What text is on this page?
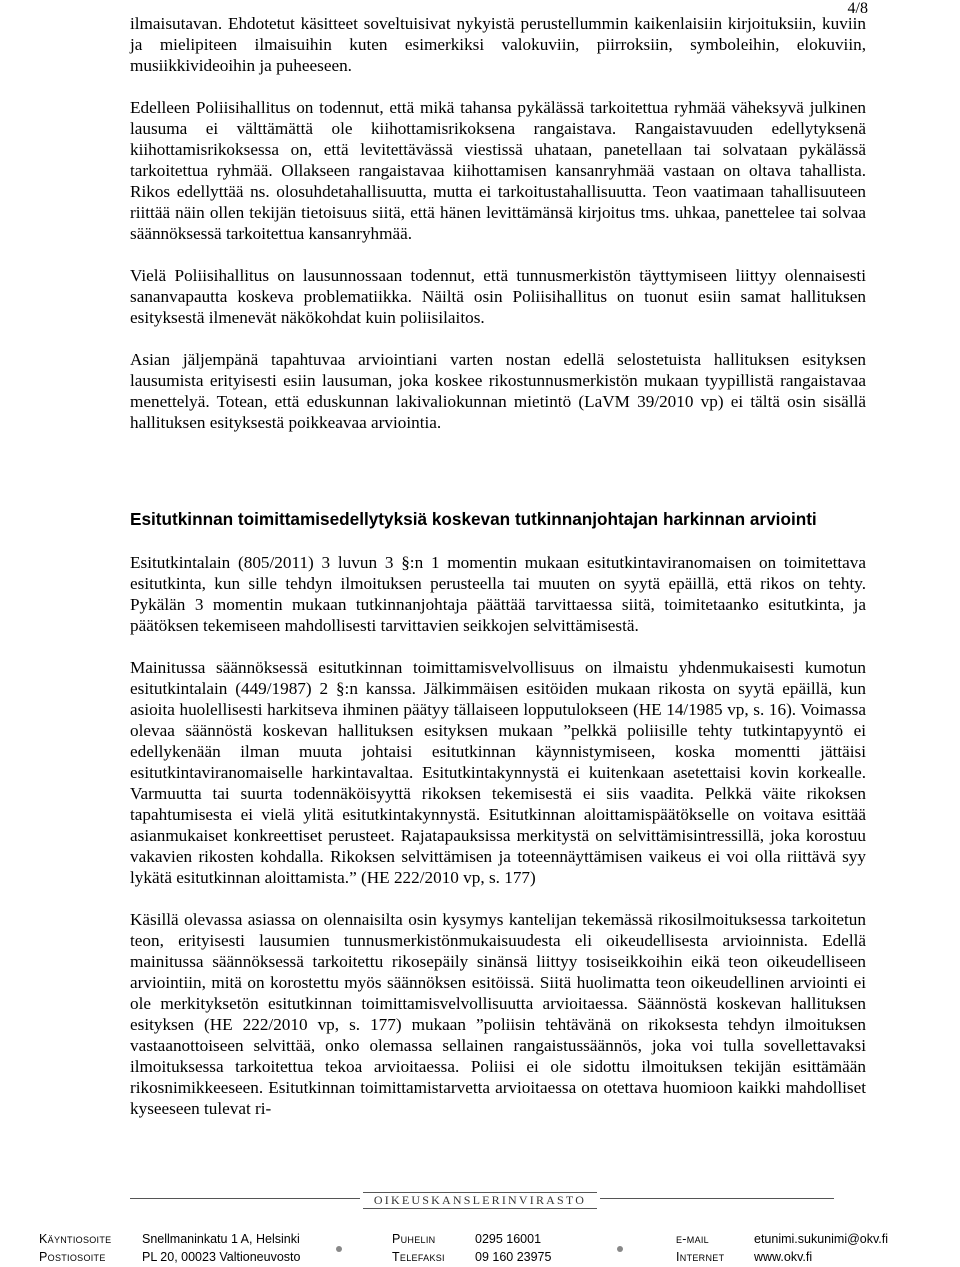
4/8

ilmaisutavan. Ehdotetut käsitteet soveltuisivat nykyistä perustellummin kaikenlaisiin kirjoituksiin, kuviin ja mielipiteen ilmaisuihin kuten esimerkiksi valokuviin, piirroksiin, symboleihin, elokuviin, musiikkivideoihin ja puheeseen.

Edelleen Poliisihallitus on todennut, että mikä tahansa pykälässä tarkoitettua ryhmää väheksyvä julkinen lausuma ei välttämättä ole kiihottamisrikoksena rangaistava. Rangaistavuuden edellytyksenä kiihottamisrikoksessa on, että levitettävässä viestissä uhataan, panetellaan tai solvataan pykälässä tarkoitettua ryhmää. Ollakseen rangaistavaa kiihottamisen kansanryhmää vastaan on oltava tahallista. Rikos edellyttää ns. olosuhdetahallisuutta, mutta ei tarkoitustahallisuutta. Teon vaatimaan tahallisuuteen riittää näin ollen tekijän tietoisuus siitä, että hänen levittämänsä kirjoitus tms. uhkaa, panettelee tai solvaa säännöksessä tarkoitettua kansanryhmää.

Vielä Poliisihallitus on lausunnossaan todennut, että tunnusmerkistön täyttymiseen liittyy olennaisesti sananvapautta koskeva problematiikka. Näiltä osin Poliisihallitus on tuonut esiin samat hallituksen esityksestä ilmenevät näkökohdat kuin poliisilaitos.

Asian jäljempänä tapahtuvaa arviointiani varten nostan edellä selostetuista hallituksen esityksen lausumista erityisesti esiin lausuman, joka koskee rikostunnusmerkistön mukaan tyypillistä rangaistavaa menettelyä. Totean, että eduskunnan lakivaliokunnan mietintö (LaVM 39/2010 vp) ei tältä osin sisällä hallituksen esityksestä poikkeavaa arviointia.

Esitutkinnan toimittamisedellytyksiä koskevan tutkinnanjohtajan harkinnan arviointi

Esitutkintalain (805/2011) 3 luvun 3 §:n 1 momentin mukaan esitutkintaviranomaisen on toimitettava esitutkinta, kun sille tehdyn ilmoituksen perusteella tai muuten on syytä epäillä, että rikos on tehty. Pykälän 3 momentin mukaan tutkinnanjohtaja päättää tarvittaessa siitä, toimitetaanko esitutkinta, ja päätöksen tekemiseen mahdollisesti tarvittavien seikkojen selvittämisestä.

Mainitussa säännöksessä esitutkinnan toimittamisvelvollisuus on ilmaistu yhdenmukaisesti kumotun esitutkintalain (449/1987) 2 §:n kanssa. Jälkimmäisen esitöiden mukaan rikosta on syytä epäillä, kun asioita huolellisesti harkitseva ihminen päätyy tällaiseen lopputulokseen (HE 14/1985 vp, s. 16). Voimassa olevaa säännöstä koskevan hallituksen esityksen mukaan ”pelkkä poliisille tehty tutkintapyyntö ei edellykenään ilman muuta johtaisi esitutkinnan käynnistymiseen, koska momentti jättäisi esitutkintaviranomaiselle harkintavaltaa. Esitutkintakynnystä ei kuitenkaan asetettaisi kovin korkealle. Varmuutta tai suurta todennäköisyyttä rikoksen tekemisestä ei siis vaadita. Pelkkä väite rikoksen tapahtumisesta ei vielä ylitä esitutkintakynnystä. Esitutkinnan aloittamispäätökselle on voitava esittää asianmukaiset konkreettiset perusteet. Rajatapauksissa merkitystä on selvittämisintressillä, joka korostuu vakavien rikosten kohdalla. Rikoksen selvittämisen ja toteennäyttämisen vaikeus ei voi olla riittävä syy lykätä esitutkinnan aloittamista.” (HE 222/2010 vp, s. 177)

Käsillä olevassa asiassa on olennaisilta osin kysymys kantelijan tekemässä rikosilmoituksessa tarkoitetun teon, erityisesti lausumien tunnusmerkistönmukaisuudesta eli oikeudellisesta arvioinnista. Edellä mainitussa säännöksessä tarkoitettu rikosepäily sinänsä liittyy tosiseikkoihin eikä teon oikeudelliseen arviointiin, mitä on korostettu myös säännöksen esitöissä. Siitä huolimatta teon oikeudellinen arviointi ei ole merkityksetön esitutkinnan toimittamisvelvollisuutta arvioitaessa. Säännöstä koskevan hallituksen esityksen (HE 222/2010 vp, s. 177) mukaan ”poliisin tehtävänä on rikoksesta tehdyn ilmoituksen vastaanottoiseen selvittää, onko olemassa sellainen rangaistussäännös, joka voi tulla sovellettavaksi ilmoituksessa tarkoitettua tekoa arvioitaessa. Poliisi ei ole sidottu ilmoituksen tekijän esittämään rikosnimikkeeseen. Esitutkinnan toimittamistarvetta arvioitaessa on otettava huomioon kaikki mahdolliset kyseeseen tulevat ri-

OIKEUSKANSLERINVIRASTO
Käyntiosoite Snellmaninkatu 1 A, Helsinki	Puhelin	0295 16001	e-mail	etunimi.sukunimi@okv.fi
Postiosoite	PL 20, 00023 Valtioneuvosto	Telefaksi 09 160 23975	Internet www.okv.fi
